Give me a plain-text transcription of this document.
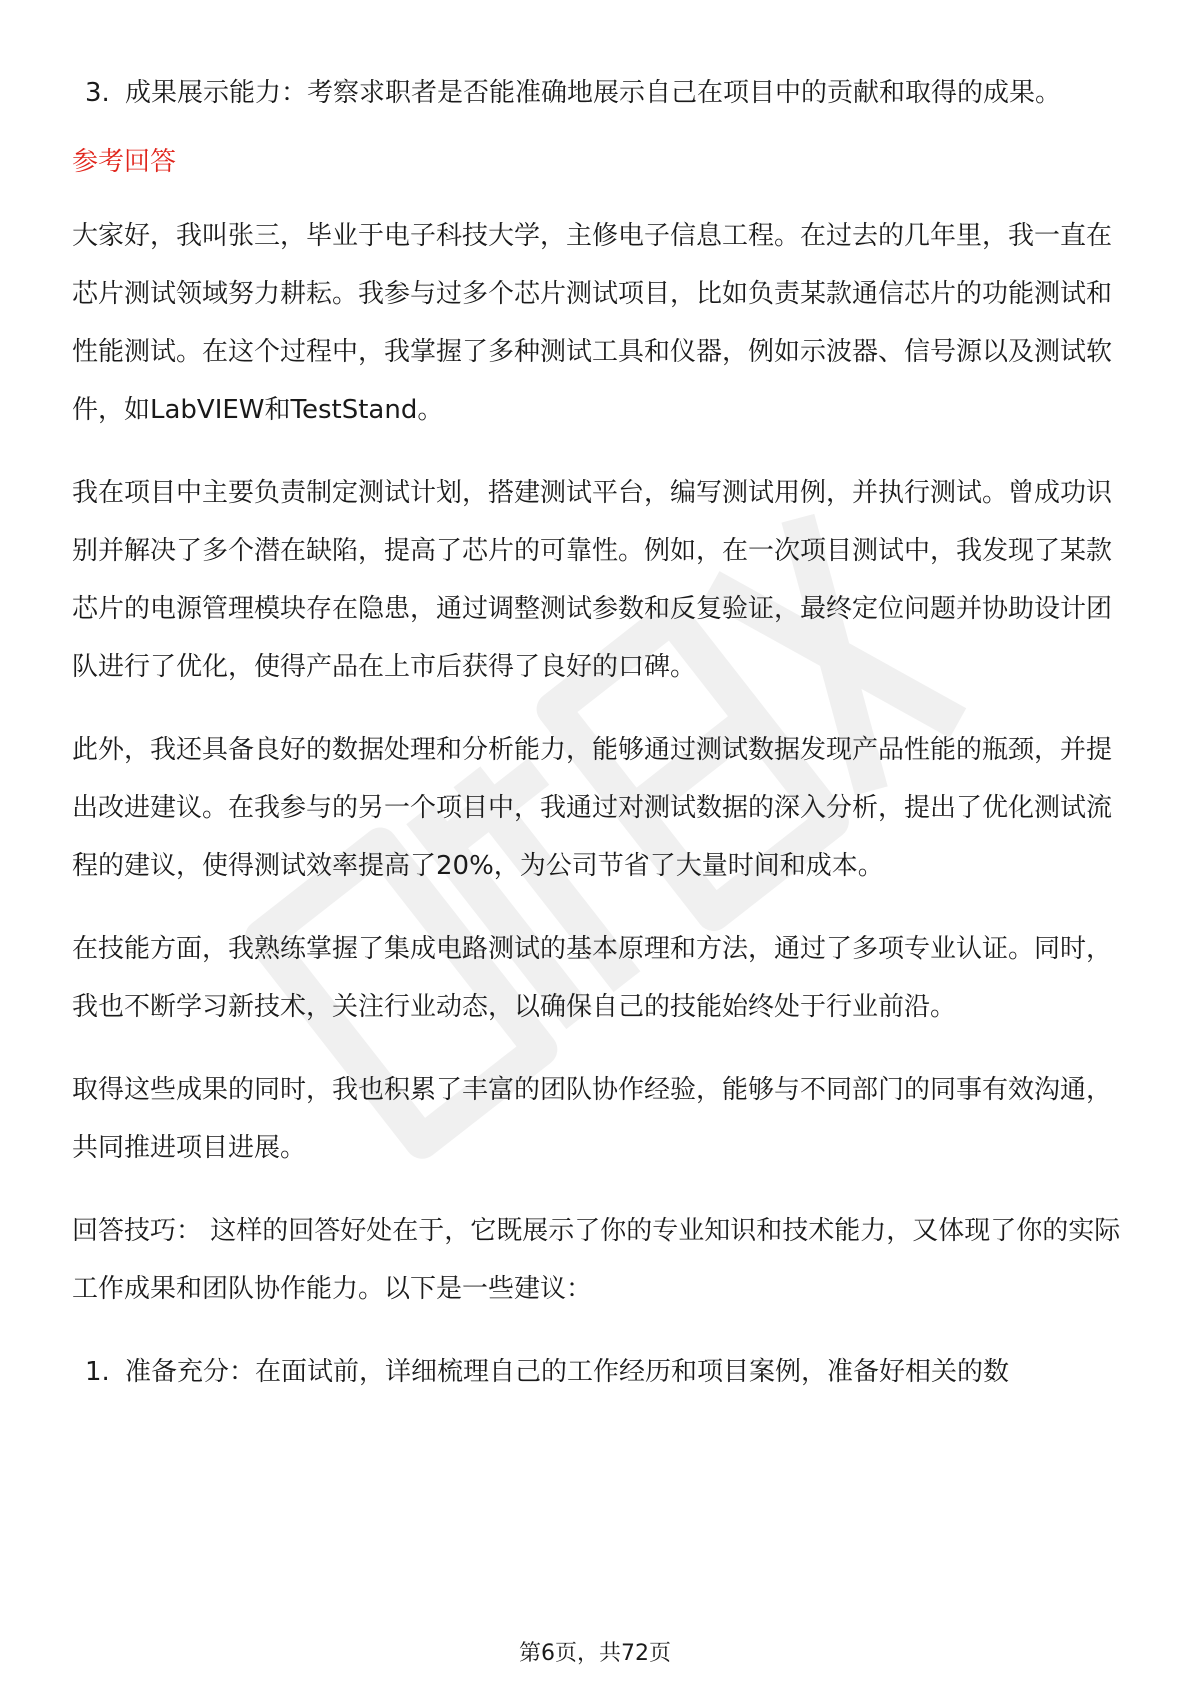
3. 成果展示能力：考察求职者是否能准确地展示自己在项目中的贡献和取得的成果。
参考回答

大家好，我叫张三，毕业于电子科技大学，主修电子信息工程。在过去的几年里，我一直在芯片测试领域努力耕耘。我参与过多个芯片测试项目，比如负责某款通信芯片的功能测试和性能测试。在这个过程中，我掌握了多种测试工具和仪器，例如示波器、信号源以及测试软件，如LabVIEW和TestStand。

我在项目中主要负责制定测试计划，搭建测试平台，编写测试用例，并执行测试。曾成功识别并解决了多个潜在缺陷，提高了芯片的可靠性。例如，在一次项目测试中，我发现了某款芯片的电源管理模块存在隐患，通过调整测试参数和反复验证，最终定位问题并协助设计团队进行了优化，使得产品在上市后获得了良好的口碑。

此外，我还具备良好的数据处理和分析能力，能够通过测试数据发现产品性能的瓶颈，并提出改进建议。在我参与的另一个项目中，我通过对测试数据的深入分析，提出了优化测试流程的建议，使得测试效率提高了20%，为公司节省了大量时间和成本。

在技能方面，我熟练掌握了集成电路测试的基本原理和方法，通过了多项专业认证。同时，我也不断学习新技术，关注行业动态，以确保自己的技能始终处于行业前沿。

取得这些成果的同时，我也积累了丰富的团队协作经验，能够与不同部门的同事有效沟通，共同推进项目进展。

回答技巧： 这样的回答好处在于，它既展示了你的专业知识和技术能力，又体现了你的实际工作成果和团队协作能力。以下是一些建议：

1. 准备充分：在面试前，详细梳理自己的工作经历和项目案例，准备好相关的数
第6页，共72页
